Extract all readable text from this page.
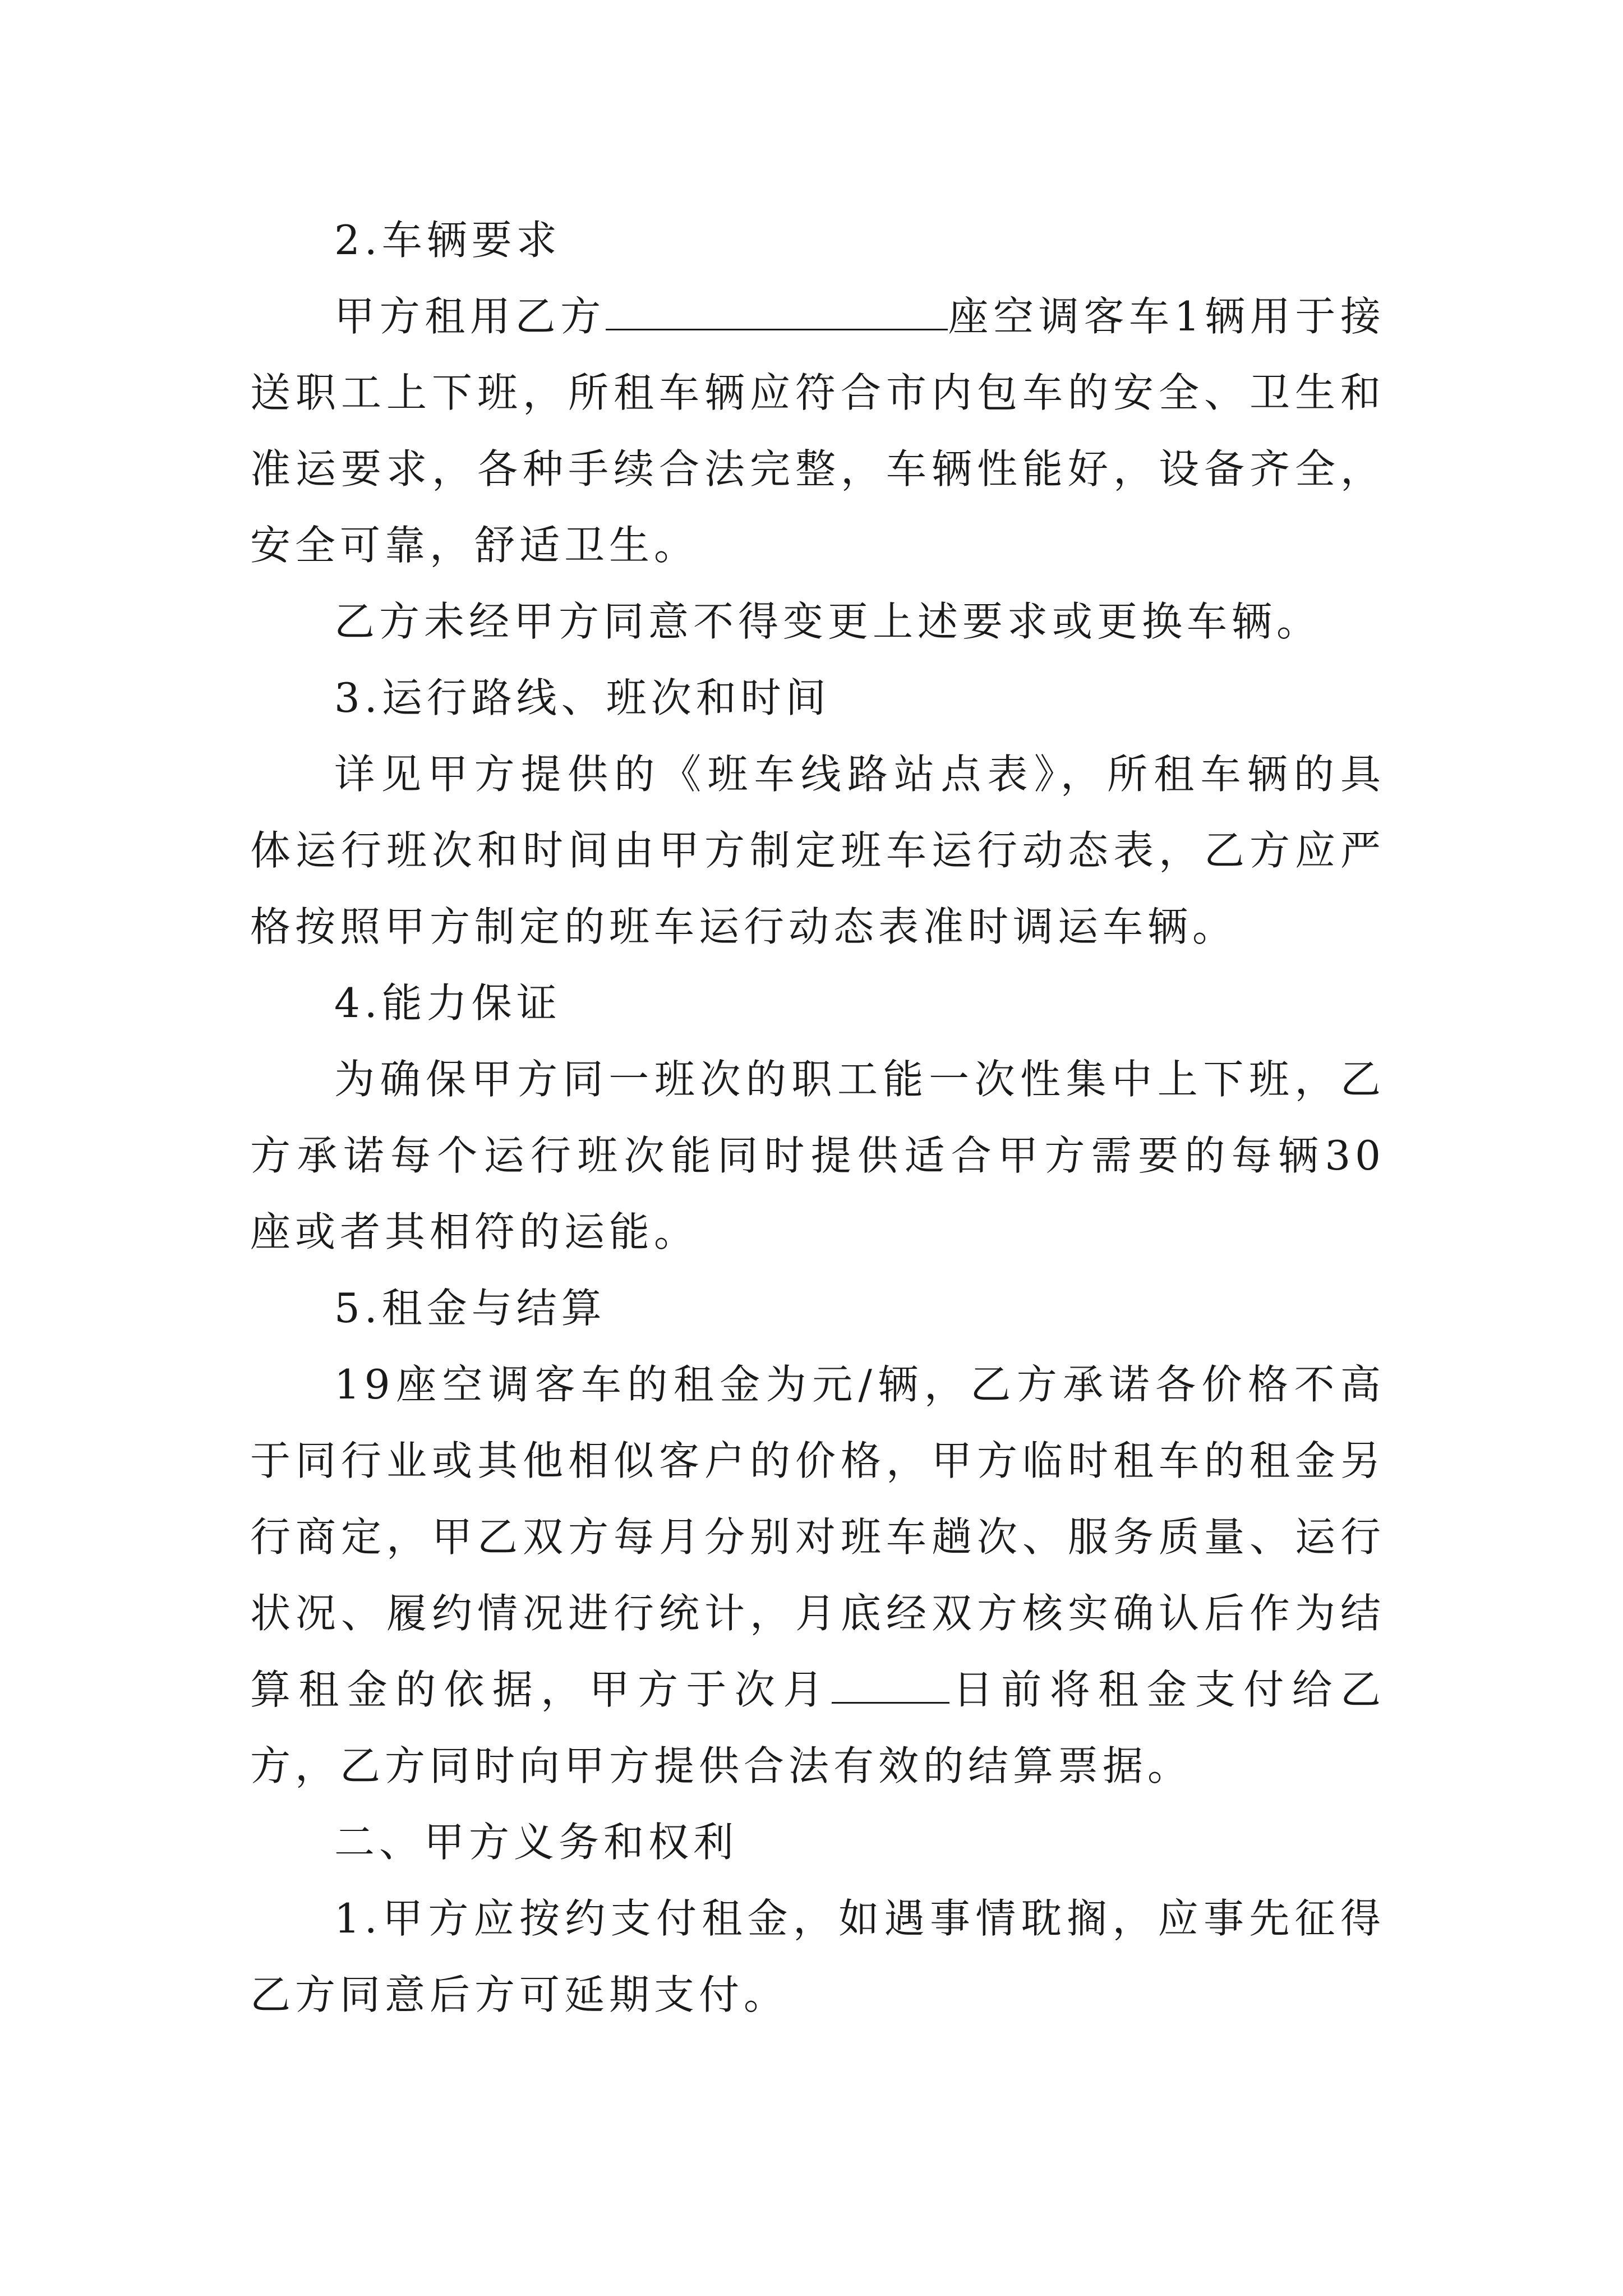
2.车辆要求

甲方租用乙方	座空调客车1辆用于接送职工上下班，所租车辆应符合市内包车的安全、卫生和准运要求，各种手续合法完整，车辆性能好，设备齐全，安全可靠，舒适卫生。

乙方未经甲方同意不得变更上述要求或更换车辆。

3.运行路线、班次和时间

详见甲方提供的《班车线路站点表》，所租车辆的具体运行班次和时间由甲方制定班车运行动态表，乙方应严格按照甲方制定的班车运行动态表准时调运车辆。

4.能力保证

为确保甲方同一班次的职工能一次性集中上下班，乙方承诺每个运行班次能同时提供适合甲方需要的每辆30座或者其相符的运能。

5.租金与结算

19座空调客车的租金为元/辆，乙方承诺各价格不高于同行业或其他相似客户的价格，甲方临时租车的租金另行商定，甲乙双方每月分别对班车趟次、服务质量、运行状况、履约情况进行统计，月底经双方核实确认后作为结算租金的依据，甲方于次月	日前将租金支付给乙方，乙方同时向甲方提供合法有效的结算票据。

二、甲方义务和权利

1.甲方应按约支付租金，如遇事情耽搁，应事先征得乙方同意后方可延期支付。
